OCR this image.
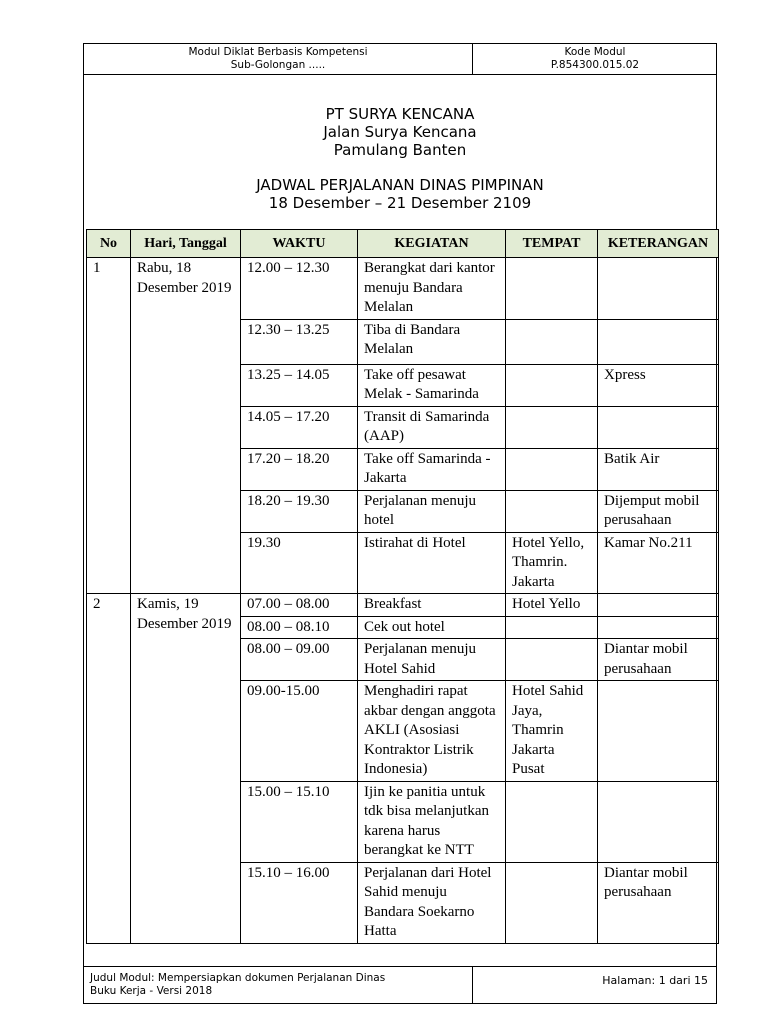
Modul Diklat Berbasis Kompetensi
Sub-Golongan .....
Kode Modul
P.854300.015.02
PT SURYA KENCANA
Jalan Surya Kencana
Pamulang Banten
JADWAL PERJALANAN DINAS PIMPINAN
18 Desember – 21 Desember 2109
No	Hari, Tanggal	WAKTU	KEGIATAN	TEMPAT	KETERANGAN
1	Rabu, 18 Desember 2019	12.00 – 12.30	Berangkat dari kantor menuju Bandara Melalan		
		12.30 – 13.25	Tiba di Bandara Melalan		
		13.25 – 14.05	Take off pesawat Melak - Samarinda		Xpress
		14.05 – 17.20	Transit di Samarinda (AAP)		
		17.20 – 18.20	Take off Samarinda - Jakarta		Batik Air
		18.20 – 19.30	Perjalanan menuju hotel		Dijemput mobil perusahaan
		19.30	Istirahat di Hotel	Hotel Yello, Thamrin. Jakarta	Kamar No.211
2	Kamis, 19 Desember 2019	07.00 – 08.00	Breakfast	Hotel Yello	
		08.00 – 08.10	Cek out hotel		
		08.00 – 09.00	Perjalanan menuju Hotel Sahid		Diantar mobil perusahaan
		09.00-15.00	Menghadiri rapat akbar dengan anggota AKLI (Asosiasi Kontraktor Listrik Indonesia)	Hotel Sahid Jaya, Thamrin Jakarta Pusat	
		15.00 – 15.10	Ijin ke panitia untuk tdk bisa melanjutkan karena harus berangkat ke NTT		
		15.10 – 16.00	Perjalanan dari Hotel Sahid menuju Bandara Soekarno Hatta		Diantar mobil perusahaan
Judul Modul: Mempersiapkan dokumen Perjalanan Dinas
Buku Kerja - Versi 2018
Halaman: 1 dari 15
